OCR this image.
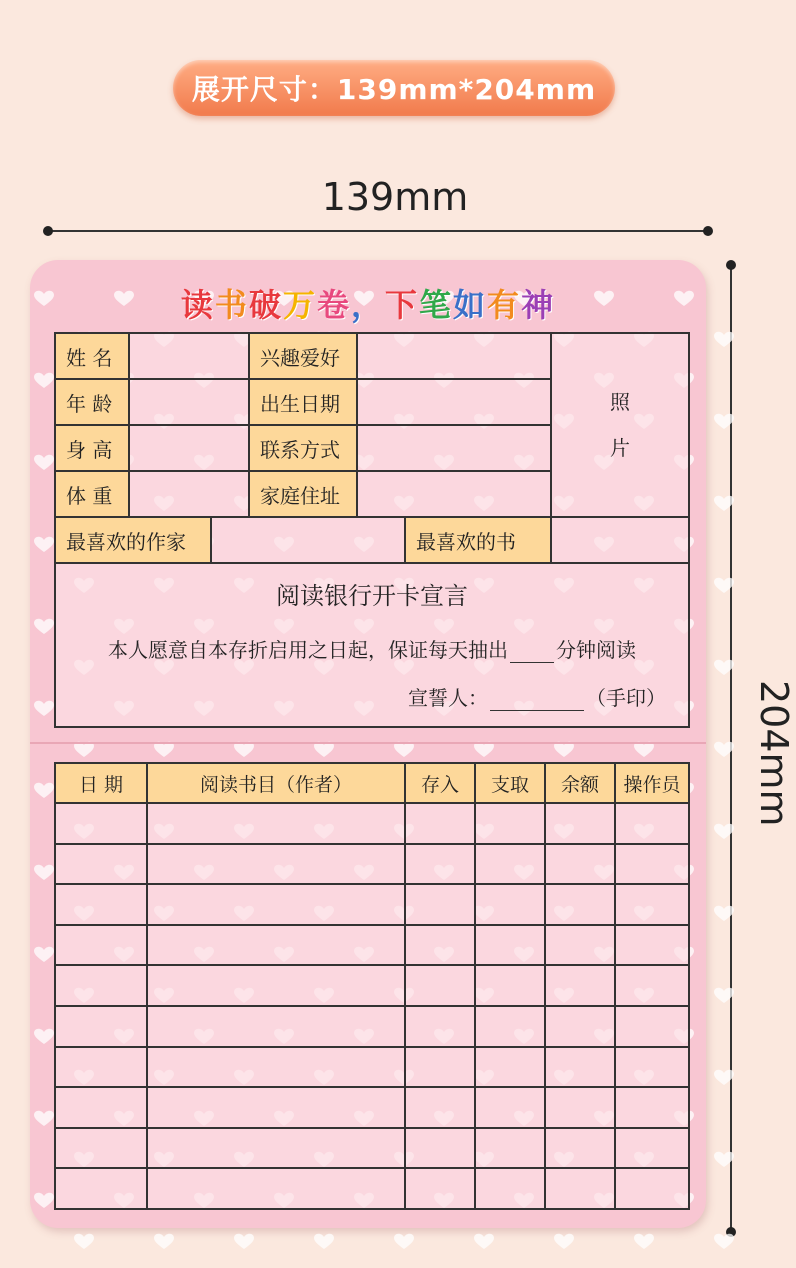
展开尺寸：139mm*204mm
139mm
204mm
读书破万卷，下笔如有神
姓 名			兴趣爱好			照
片

年 龄			出生日期			
身 高			联系方式			
体 重			家庭住址			
最喜欢的作家					最喜欢的书	

阅读银行开卡宣言
本人愿意自本存折启用之日起，保证每天抽出 分钟阅读
宣誓人： （手印）						
日 期	阅读书目（作者）	存入	支取	余额	操作员
